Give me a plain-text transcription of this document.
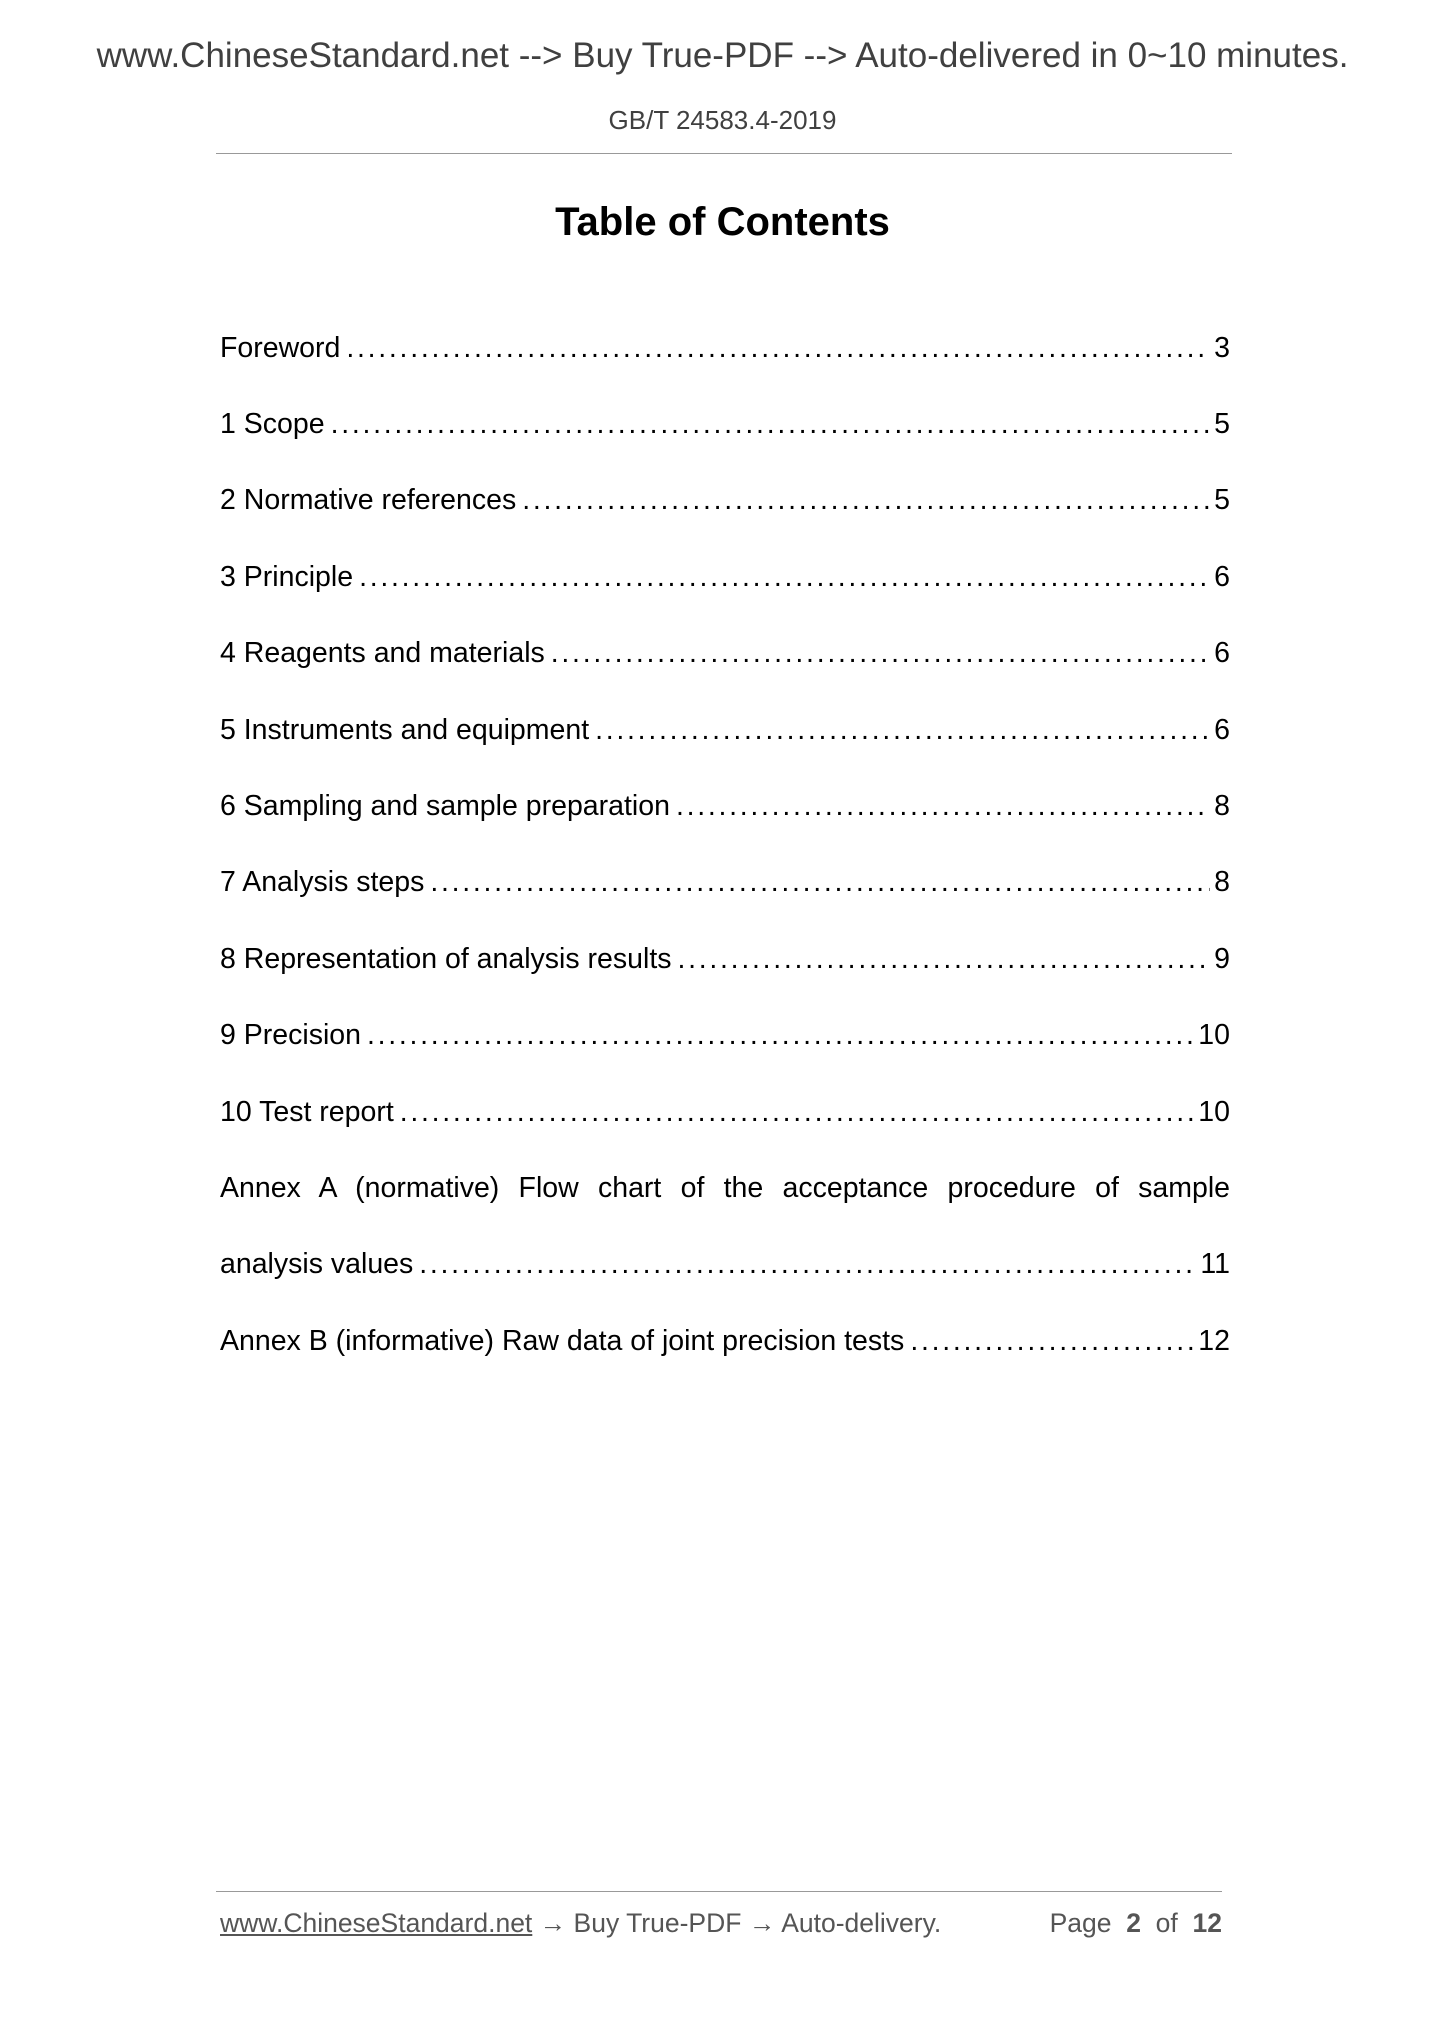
www.ChineseStandard.net --> Buy True-PDF --> Auto-delivered in 0~10 minutes.
GB/T 24583.4-2019
Table of Contents
Foreword . . .	3
1 Scope . . .	5
2 Normative references . . .	5
3 Principle . . .	6
4 Reagents and materials . . .	6
5 Instruments and equipment . . .	6
6 Sampling and sample preparation . . .	8
7 Analysis steps . . .	8
8 Representation of analysis results . . .	9
9 Precision . . .	10
10 Test report . . .	10
Annex A (normative) Flow chart of the acceptance procedure of sample
analysis values . . .	11
Annex B (informative) Raw data of joint precision tests . . .	12
www.ChineseStandard.net → Buy True-PDF → Auto-delivery.	Page 2 of 12
